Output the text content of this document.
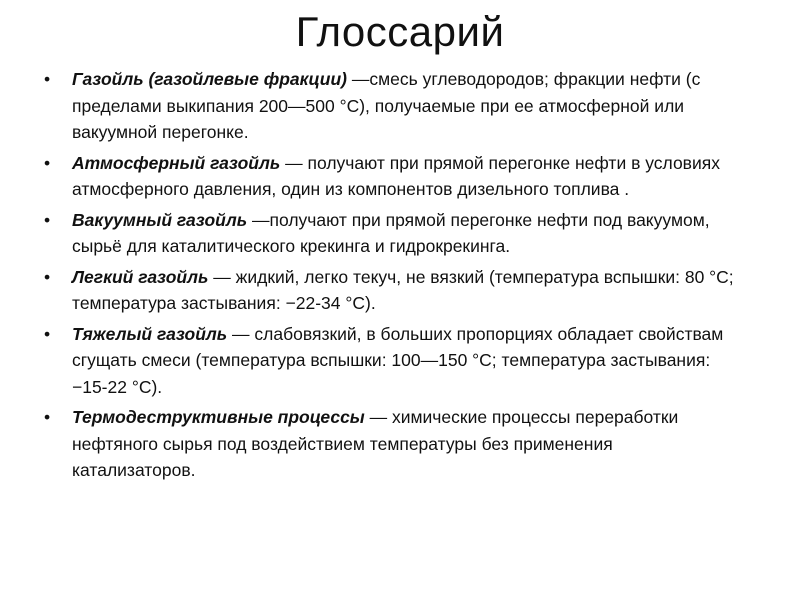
Глоссарий
• Газойль (газойлевые фракции) —смесь углеводородов; фракции нефти (с пределами выкипания 200—500 °С), получаемые при ее атмосферной или вакуумной перегонке.
• Атмосферный газойль — получают при прямой перегонке нефти в условиях атмосферного давления, один из компонентов дизельного топлива .
• Вакуумный газойль —получают при прямой перегонке нефти под вакуумом, сырьё для каталитического крекинга и гидрокрекинга.
• Легкий газойль — жидкий, легко текуч, не вязкий (температура вспышки: 80 °C; температура застывания: −22-34 °C).
• Тяжелый газойль — слабовязкий, в больших пропорциях обладает свойствам сгущать смеси (температура вспышки: 100—150 °C; температура застывания: −15-22 °C).
• Термодеструктивные процессы — химические процессы переработки нефтяного сырья под воздействием температуры без применения катализаторов.
